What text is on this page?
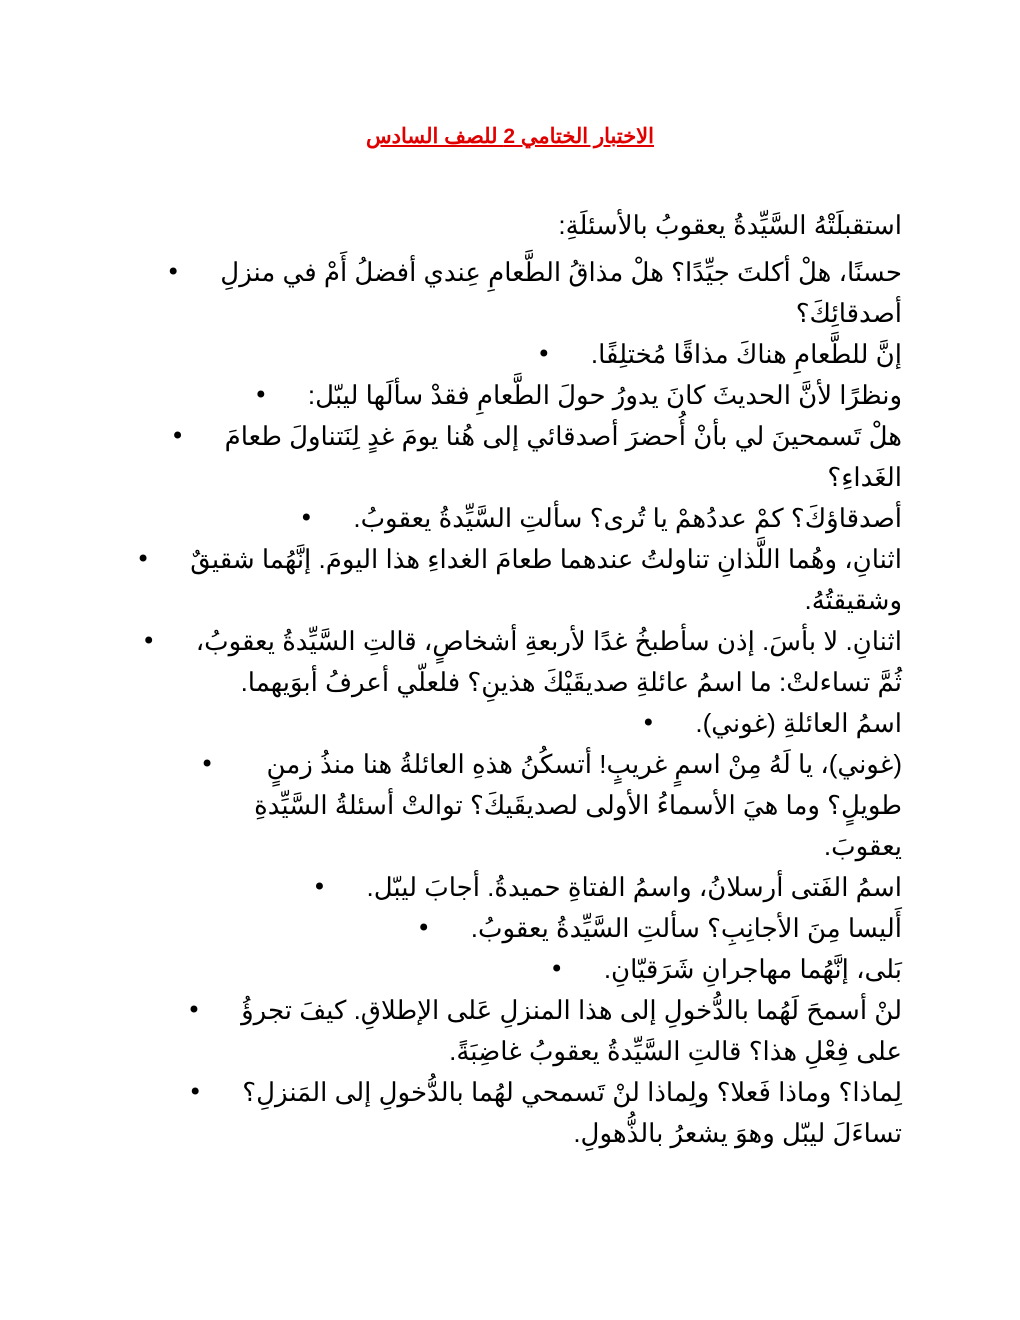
الاختبار الختامي 2 للصف السادس
استقبلَتْهُ السَّيِّدةُ يعقوبُ بالأسئلَةِ:
حسنًا، هلْ أكلتَ جيِّدًا؟ هلْ مذاقُ الطَّعامِ عِندي أفضلُ أَمْ في منزلِ
أصدقائِكَ؟
•
إنَّ للطَّعامِ هناكَ مذاقًا مُختلِفًا.
•
ونظرًا لأنَّ الحديثَ كانَ يدورُ حولَ الطَّعامِ فقدْ سألَها ليبّل:
•
هلْ تَسمحينَ لي بأنْ أُحضرَ أصدقائي إلى هُنا يومَ غدٍ لِنَتناولَ طعامَ
الغَداءِ؟
•
أصدقاؤكَ؟ كمْ عددُهمْ يا تُرى؟ سألتِ السَّيِّدةُ يعقوبُ.
•
اثنانِ، وهُما اللَّذانِ تناولتُ عندهما طعامَ الغداءِ هذا اليومَ. إنَّهُما شقيقٌ
وشقيقتُهُ.
•
اثنانِ. لا بأسَ. إذن سأطبخُ غدًا لأربعةِ أشخاصٍ، قالتِ السَّيِّدةُ يعقوبُ،
ثُمَّ تساءلتْ: ما اسمُ عائلةِ صديقَيْكَ هذينِ؟ فلعلّي أعرفُ أبوَيهما.
•
اسمُ العائلةِ (غوني).
•
(غوني)، يا لَهُ مِنْ اسمٍ غريبٍ! أتسكُنُ هذهِ العائلةُ هنا منذُ زمنٍ
طويلٍ؟ وما هيَ الأسماءُ الأولى لصديقَيكَ؟ توالتْ أسئلةُ السَّيِّدةِ
يعقوبَ.
•
اسمُ الفَتى أرسلانُ، واسمُ الفتاةِ حميدةُ. أجابَ ليبّل.
•
أَليسا مِنَ الأجانِبِ؟ سألتِ السَّيِّدةُ يعقوبُ.
•
بَلى، إنَّهُما مهاجرانِ شَرَقيّانِ.
•
لنْ أسمحَ لَهُما بالدُّخولِ إلى هذا المنزلِ عَلى الإطلاقِ. كيفَ تجرؤُ
على فِعْلِ هذا؟ قالتِ السَّيِّدةُ يعقوبُ غاضِبَةً.
•
لِماذا؟ وماذا فَعلا؟ ولِماذا لنْ تَسمحي لهُما بالدُّخولِ إلى المَنزلِ؟
تساءَلَ ليبّل وهوَ يشعرُ بالذُّهولِ.
•
